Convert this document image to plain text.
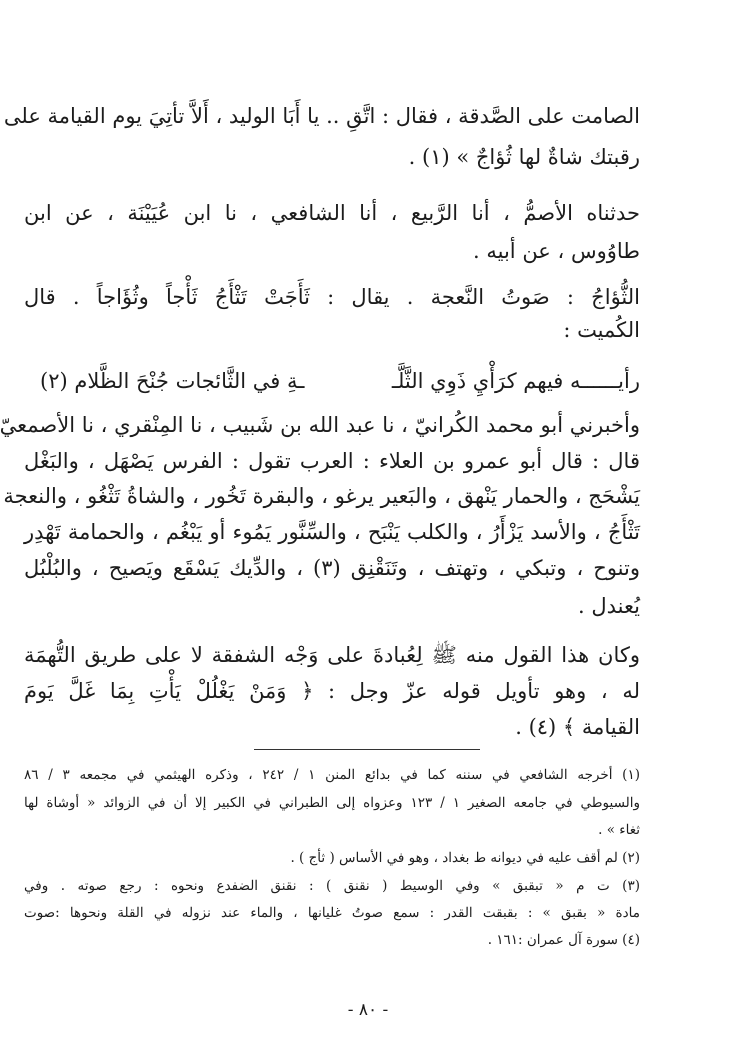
الصامت على الصَّدقة ، فقال : اتَّقِ .. يا أَبَا الوليد ، أَلاَّ تأتِيَ يوم القيامة على
رقبتك شاةٌ لها ثُؤاجٌ » (١) .
حدثناه الأصمُّ ، أنا الرَّبيع ، أنا الشافعي ، نا ابن عُيَيْنَة ، عن ابن
طاوُوس ، عن أبيه .
الثُّؤاجُ : صَوتُ النَّعجة . يقال : ثَأَجَتْ تَثْأَجُ ثَأْجاً وثُؤَاجاً . قال
الكُميت :
رأيــــــه فيهم كرَأْيِ ذَوِي الثَّلَّـ
ـةِ في الثَّائجات جُنْحَ الظَّلام (٢)
وأخبرني أبو محمد الكُرانيّ ، نا عبد الله بن شَبيب ، نا المِنْقري ، نا الأصمعيّ
قال : قال أبو عمرو بن العلاء : العرب تقول : الفرس يَصْهَل ، والبَغْل
يَشْحَج ، والحمار يَنْهق ، والبَعير يرغو ، والبقرة تَخُور ، والشاةُ تَثْغُو ، والنعجة
تَثْأَجُ ، والأسد يَزْأَرُ ، والكلب يَنْبَح ، والسِّنَّور يَمُوء أو يَبْغُم ، والحمامة تَهْدِر
وتنوح ، وتبكي ، وتهتف ، وتَنَقْنِق (٣) ، والدِّيك يَسْقَع ويَصيح ، والبُلْبُل
يُعندل .
وكان هذا القول منه ﷺ لِعُبادةَ على وَجْه الشفقة لا على طريق التُّهمَة
له ، وهو تأويل قوله عزّ وجل : ﴿ وَمَنْ يَغْلُلْ يَأْتِ بِمَا غَلَّ يَومَ
القيامة ﴾ (٤) .
(١) أخرجه الشافعي في سننه كما في بدائع المنن ١ / ٢٤٢ ، وذكره الهيثمي في مجمعه ٣ / ٨٦
والسيوطي في جامعه الصغير ١ / ١٢٣ وعزواه إلى الطبراني في الكبير إلا أن في الزوائد « أوشاة لها
ثغاء » .
(٢) لم أقف عليه في ديوانه ط بغداد ، وهو في الأساس ( ثأج ) .
(٣) ت م « تبقبق » وفي الوسيط ( نقنق ) : نقنق الضفدع ونحوه : رجع صوته . وفي
مادة « بقبق » : بقبقت القدر : سمع صوتُ غليانها ، والماء عند نزوله في القلة ونحوها :صوت
(٤) سورة آل عمران :١٦١ .
- ٨٠ -
